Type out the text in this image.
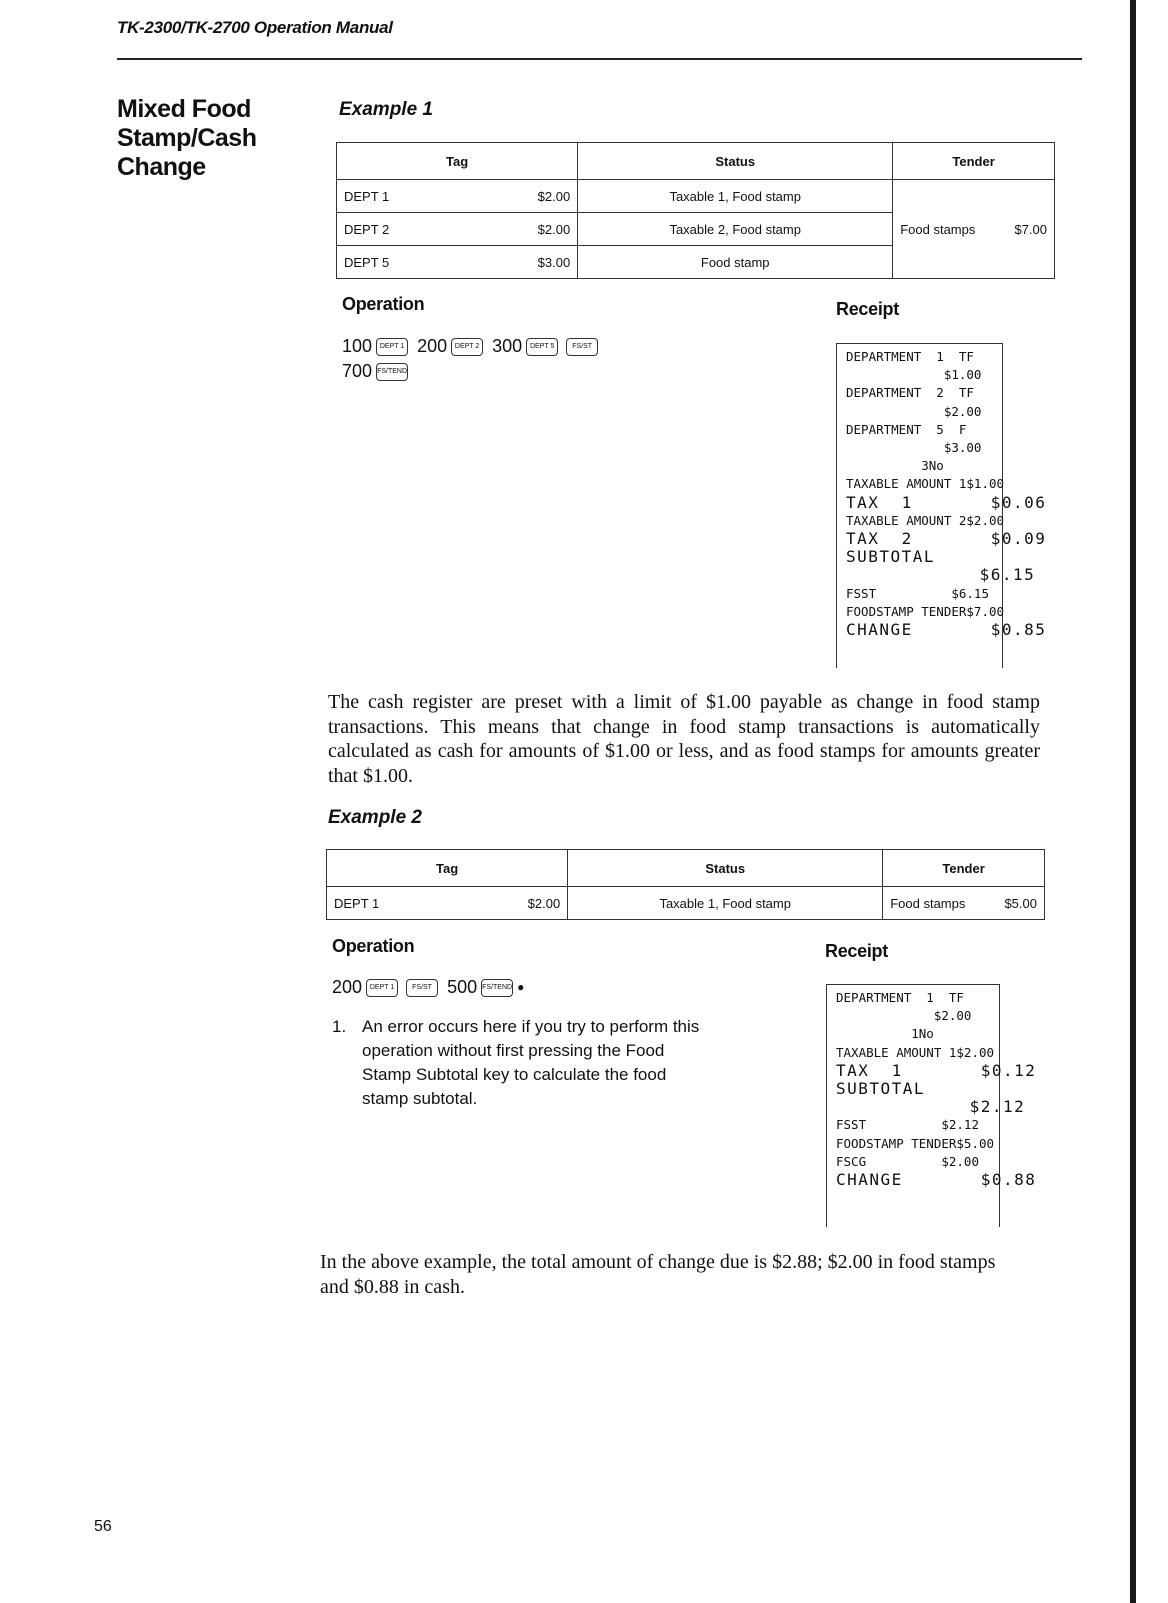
TK-2300/TK-2700 Operation Manual
Mixed Food Stamp/Cash Change
Example 1
Tag		Status	Tender
DEPT 1	$2.00	Taxable 1, Food stamp	Food stamps $7.00

DEPT 2	$2.00	Taxable 2, Food stamp	
DEPT 5	$3.00	Food stamp	
Operation
100 DEPT 1 200 DEPT 2 300 DEPT 5	FS/ST
700 FS/TEND
Receipt
DEPARTMENT  1  TF
$1.00
DEPARTMENT  2  TF
$2.00
DEPARTMENT  5  F
$3.00
3No
TAXABLE AMOUNT 1$1.00
TAX  1       $0.06
TAXABLE AMOUNT 2$2.00
TAX  2       $0.09
SUBTOTAL
$6.15
FSST          $6.15
FOODSTAMP TENDER$7.00
CHANGE       $0.85
The cash register are preset with a limit of $1.00 payable as change in food stamp transactions. This means that change in food stamp transactions is automatically calculated as cash for amounts of $1.00 or less, and as food stamps for amounts greater that $1.00.
Example 2
Tag		Status	Tender
DEPT 1	$2.00	Taxable 1, Food stamp	Food stamps $5.00
Operation
200 DEPT 1	FS/ST 500 FS/TEND ●
1. An error occurs here if you try to perform this operation without first pressing the Food Stamp Subtotal key to calculate the food stamp subtotal.
Receipt
DEPARTMENT  1  TF
$2.00
1No
TAXABLE AMOUNT 1$2.00
TAX  1       $0.12
SUBTOTAL
$2.12
FSST          $2.12
FOODSTAMP TENDER$5.00
FSCG          $2.00
CHANGE       $0.88
In the above example, the total amount of change due is $2.88; $2.00 in food stamps and $0.88 in cash.
56
